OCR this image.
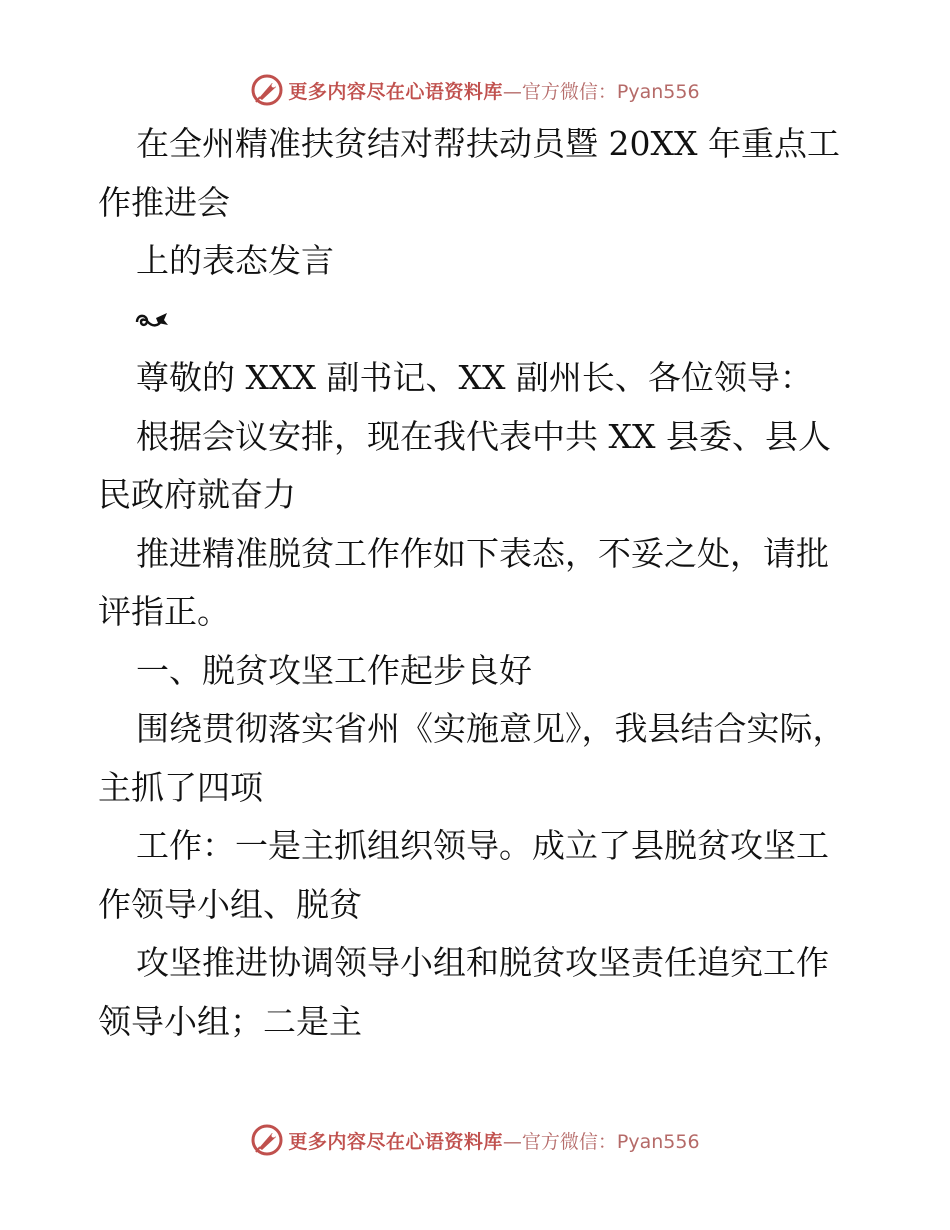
更多内容尽在心语资料库 —官方微信：Pyan556

在全州精准扶贫结对帮扶动员暨 20XX 年重点工作推进会

上的表态发言

尊敬的 XXX 副书记、XX 副州长、各位领导：

根据会议安排，现在我代表中共 XX 县委、县人民政府就奋力

推进精准脱贫工作作如下表态，不妥之处，请批评指正。

一、脱贫攻坚工作起步良好

围绕贯彻落实省州《实施意见》，我县结合实际，主抓了四项

工作：一是主抓组织领导。成立了县脱贫攻坚工作领导小组、脱贫

攻坚推进协调领导小组和脱贫攻坚责任追究工作领导小组；二是主

更多内容尽在心语资料库 —官方微信：Pyan556
